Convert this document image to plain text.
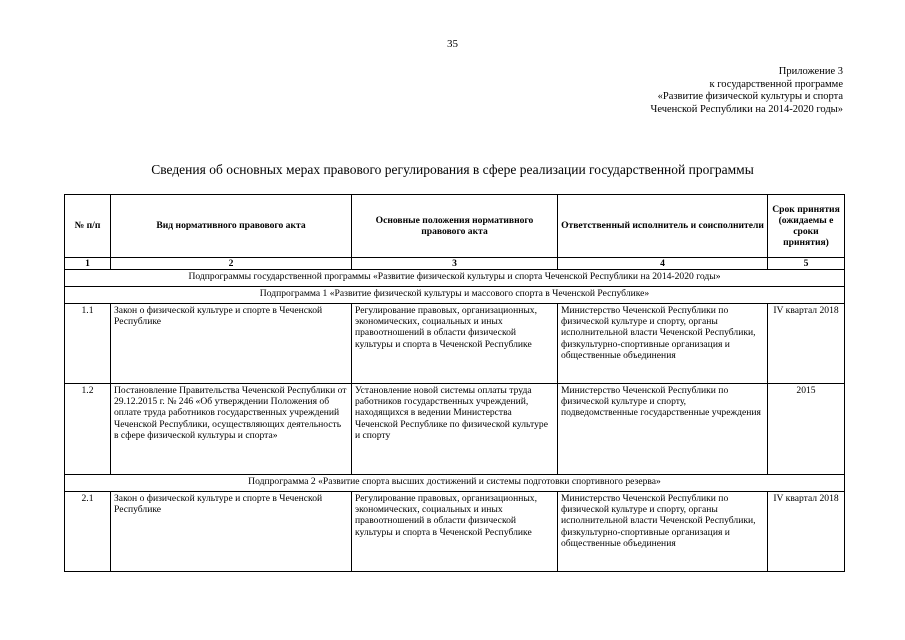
35
Приложение 3
к государственной программе
«Развитие физической культуры и спорта
Чеченской Республики на 2014-2020 годы»
Сведения об основных мерах правового регулирования в сфере реализации государственной программы
№ п/п	Вид нормативного правового акта	Основные положения нормативного правового акта	Ответственный исполнитель и соисполнители	Срок принятия (ожидаемы е сроки принятия)
1	2	3	4	5
Подпрограммы государственной программы «Развитие физической культуры и спорта Чеченской Республики на 2014-2020 годы»				
Подпрограмма 1 «Развитие физической культуры и массового спорта в Чеченской Республике»				
1.1	Закон о физической культуре и спорте в Чеченской Республике	Регулирование правовых, организационных, экономических, социальных и иных правоотношений в области физической культуры и спорта в Чеченской Республике	Министерство Чеченской Республики по физической культуре и спорту, органы исполнительной власти Чеченской Республики, физкультурно-спортивные организация и общественные объединения	IV квартал 2018
1.2	Постановление Правительства Чеченской Республики от 29.12.2015 г. № 246 «Об утверждении Положения об оплате труда работников государственных учреждений Чеченской Республики, осуществляющих деятельность в сфере физической культуры и спорта»	Установление новой системы оплаты труда работников государственных учреждений, находящихся в ведении Министерства Чеченской Республике по физической культуре и спорту	Министерство Чеченской Республики по физической культуре и спорту, подведомственные государственные учреждения	2015
Подпрограмма 2 «Развитие спорта высших достижений и системы подготовки спортивного резерва»				
2.1	Закон о физической культуре и спорте в Чеченской Республике	Регулирование правовых, организационных, экономических, социальных и иных правоотношений в области физической культуры и спорта в Чеченской Республике	Министерство Чеченской Республики по физической культуре и спорту, органы исполнительной власти Чеченской Республики, физкультурно-спортивные организация и общественные объединения	IV квартал 2018
